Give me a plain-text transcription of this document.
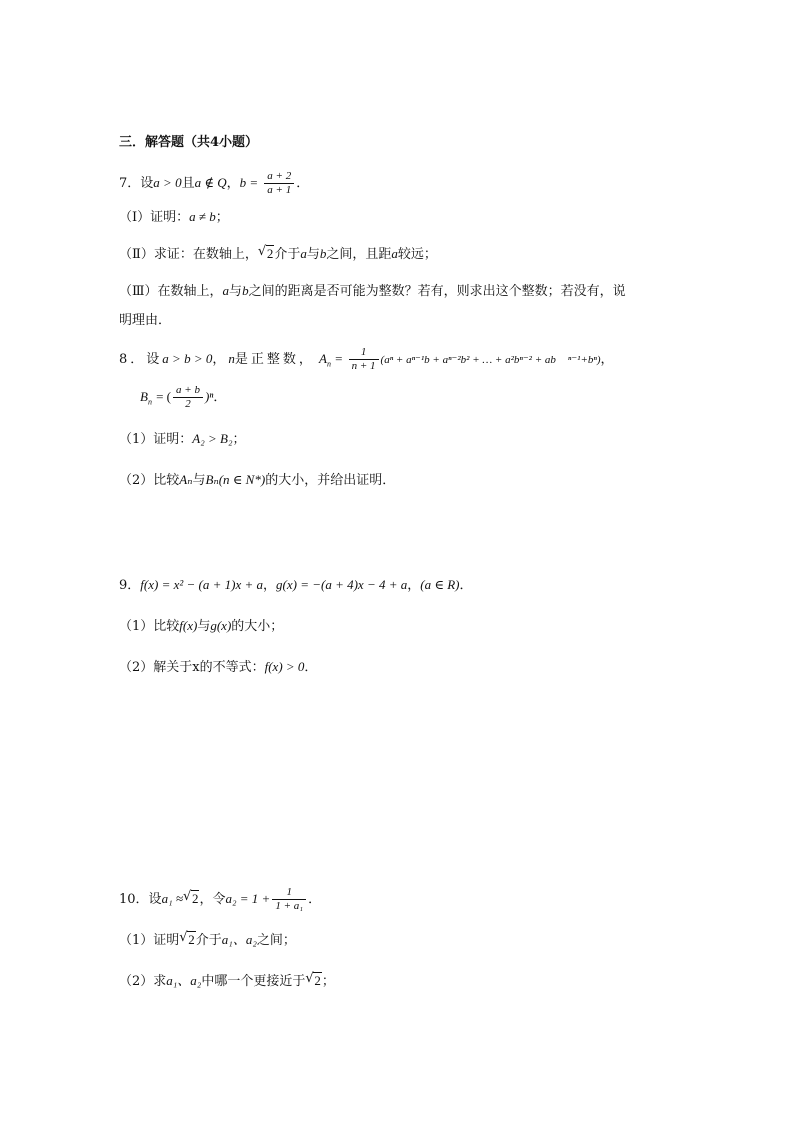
三．解答题（共4小题）
7．设a > 0且a ∉ Q，$b = \frac{a + 2}{a + 1}$ ．
（Ⅰ）证明：a ≠ b；
（Ⅱ）求证：在数轴上， √ 2介于a与b之间，且距a较远；
（Ⅲ）在数轴上，a与b之间的距离是否可能为整数？若有，则求出这个整数；若没有，说
明理由．
8．设a > b > 0，n是正整数， $A_n = \frac{1}{n + 1} (a^n + a^{n-1}b + a^{n-2}b^2$ + … + a²bⁿ⁻² + ab ⁿ⁻¹+bⁿ)，
$B_n$ = ( $\frac{a + b}{2} )^n$．
（1）证明：A₂ > B₂；
（2）比较Aₙ与Bₙ(n ∈ N*)的大小，并给出证明．
9．f(x) = x² − (a + 1)x + a，g(x) = −(a + 4)x − 4 + a，(a ∈ R)．
（1）比较f(x)与g(x)的大小；
（2）解关于x的不等式：f(x) > 0．
10．设a₁ ≈ √ 2，令$a_2 = 1 + \frac{1}{\text{1 + a₁}}$ ．
（1）证明 √ 2介于a₁、a₂之间；
（2）求a₁、a₂中哪一个更接近于 √ 2；
